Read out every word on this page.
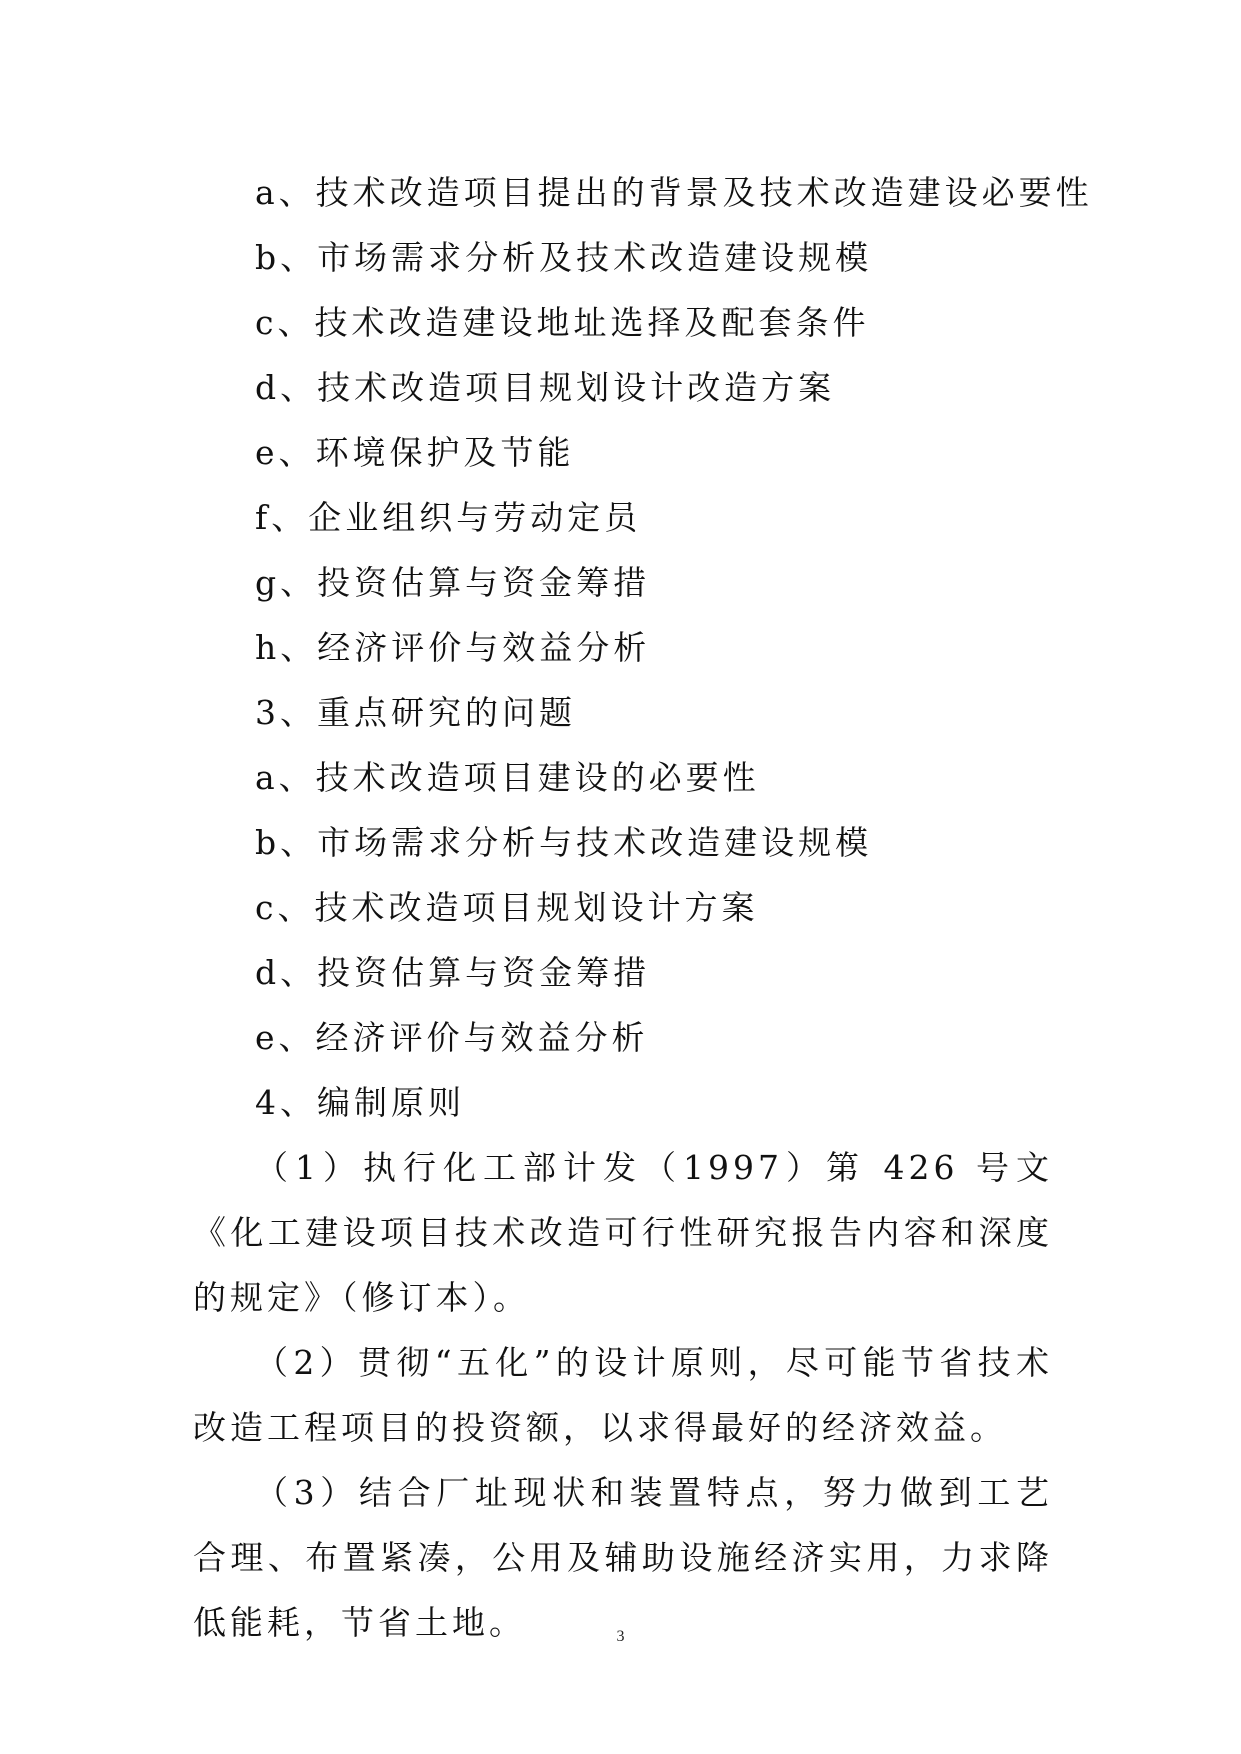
a、技术改造项目提出的背景及技术改造建设必要性
b、市场需求分析及技术改造建设规模
c、技术改造建设地址选择及配套条件
d、技术改造项目规划设计改造方案
e、环境保护及节能
f、企业组织与劳动定员
g、投资估算与资金筹措
h、经济评价与效益分析
3、重点研究的问题
a、技术改造项目建设的必要性
b、市场需求分析与技术改造建设规模
c、技术改造项目规划设计方案
d、投资估算与资金筹措
e、经济评价与效益分析
4、编制原则
（1）执行化工部计发（1997）第 426 号文《化工建设项目技术改造可行性研究报告内容和深度的规定》（修订本）。
（2）贯彻“五化”的设计原则，尽可能节省技术改造工程项目的投资额，以求得最好的经济效益。
（3）结合厂址现状和装置特点，努力做到工艺合理、布置紧凑，公用及辅助设施经济实用，力求降低能耗，节省土地。	3
